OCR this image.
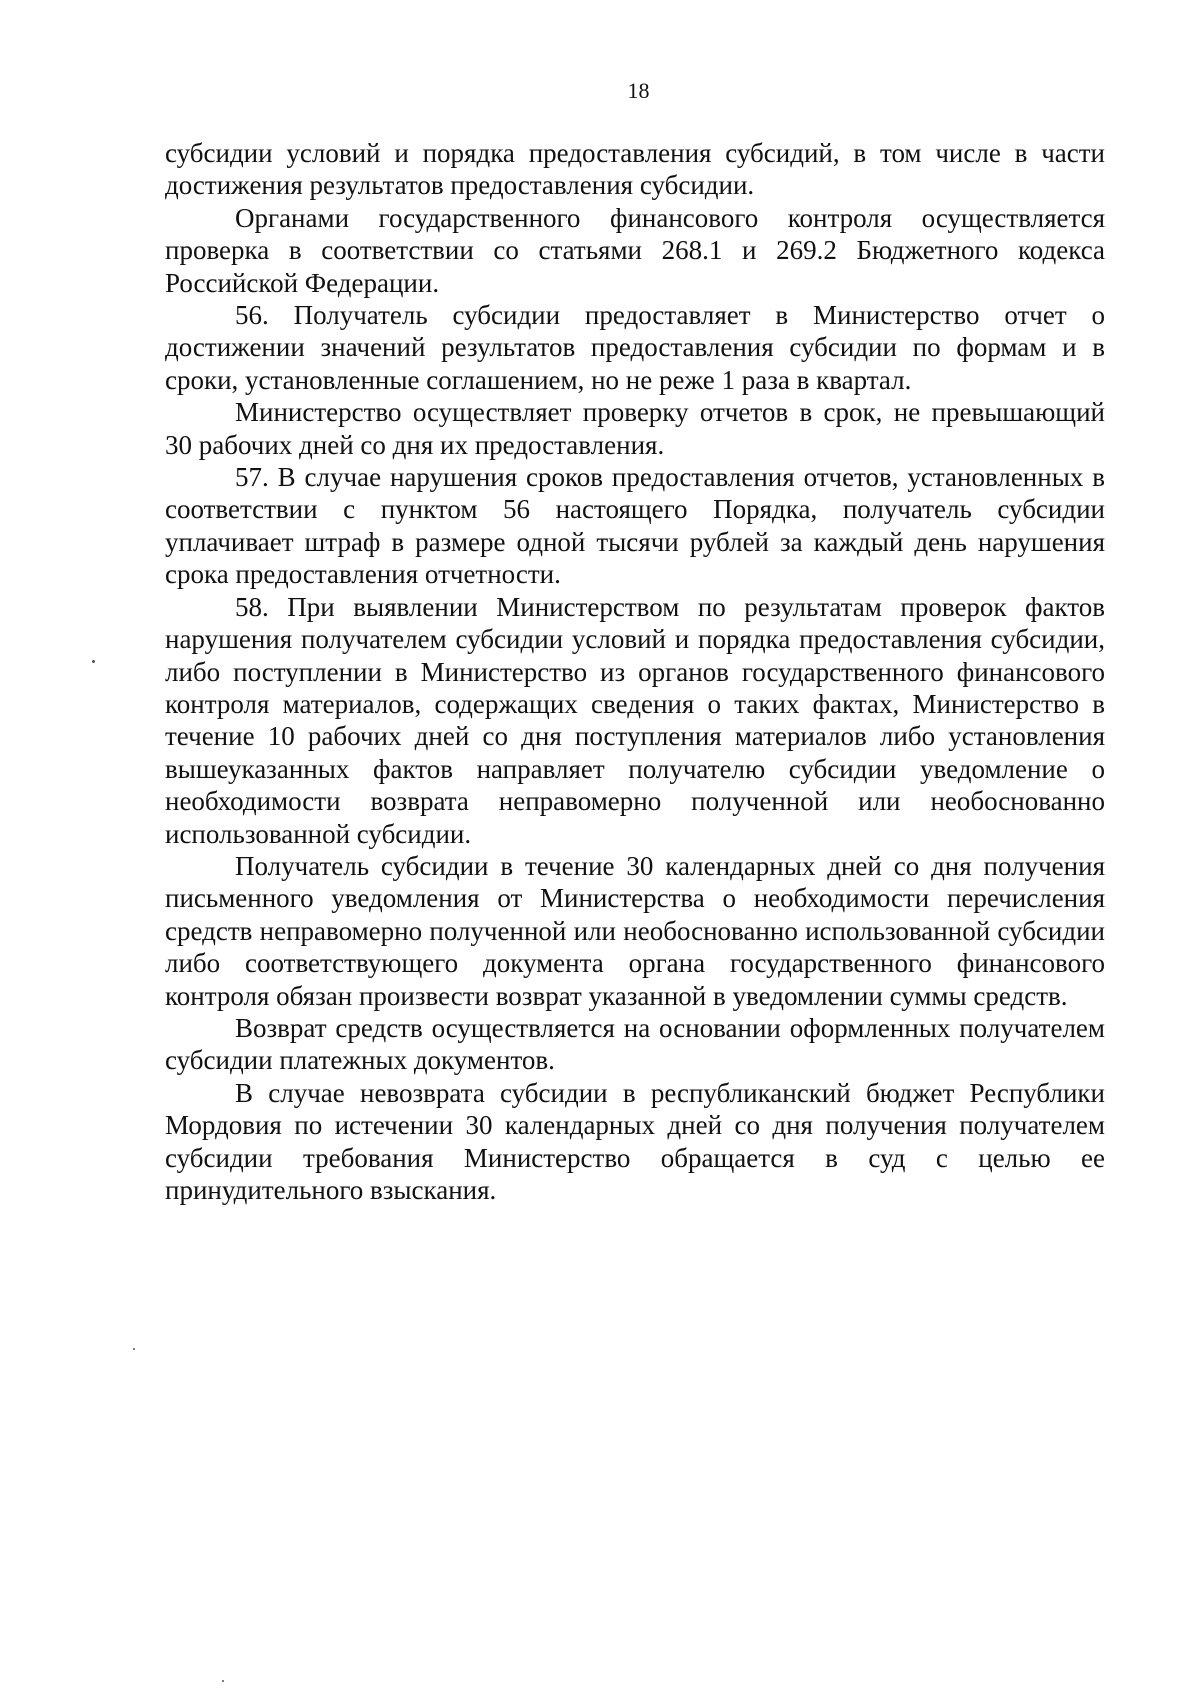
18

субсидии условий и порядка предоставления субсидий, в том числе в части достижения результатов предоставления субсидии.

Органами государственного финансового контроля осуществляется проверка в соответствии со статьями 268.1 и 269.2 Бюджетного кодекса Российской Федерации.

56. Получатель субсидии предоставляет в Министерство отчет о достижении значений результатов предоставления субсидии по формам и в сроки, установленные соглашением, но не реже 1 раза в квартал.

Министерство осуществляет проверку отчетов в срок, не превышающий 30 рабочих дней со дня их предоставления.

57. В случае нарушения сроков предоставления отчетов, установленных в соответствии с пунктом 56 настоящего Порядка, получатель субсидии уплачивает штраф в размере одной тысячи рублей за каждый день нарушения срока предоставления отчетности.

58. При выявлении Министерством по результатам проверок фактов нарушения получателем субсидии условий и порядка предоставления субсидии, либо поступлении в Министерство из органов государственного финансового контроля материалов, содержащих сведения о таких фактах, Министерство в течение 10 рабочих дней со дня поступления материалов либо установления вышеуказанных фактов направляет получателю субсидии уведомление о необходимости возврата неправомерно полученной или необоснованно использованной субсидии.

Получатель субсидии в течение 30 календарных дней со дня получения письменного уведомления от Министерства о необходимости перечисления средств неправомерно полученной или необоснованно использованной субсидии либо соответствующего документа органа государственного финансового контроля обязан произвести возврат указанной в уведомлении суммы средств.

Возврат средств осуществляется на основании оформленных получателем субсидии платежных документов.

В случае невозврата субсидии в республиканский бюджет Республики Мордовия по истечении 30 календарных дней со дня получения получателем субсидии требования Министерство обращается в суд с целью ее принудительного взыскания.
